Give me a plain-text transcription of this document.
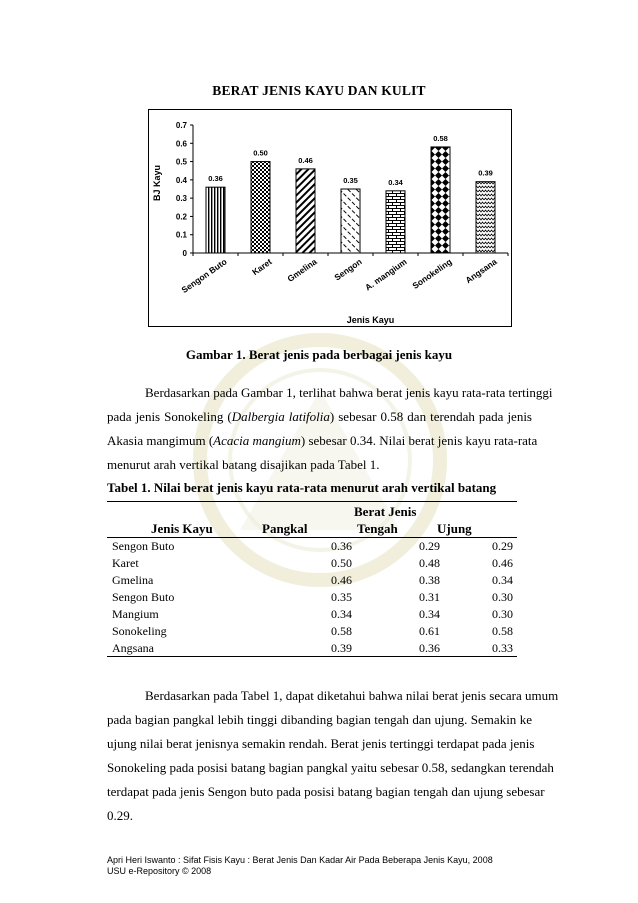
BERAT JENIS KAYU DAN KULIT
0
0.1
0.2
0.3
0.4
0.5
0.6
0.7
0.36
Sengon Buto
0.50
Karet
0.46
Gmelina
0.35
Sengon
0.34
A. mangium
0.58
Sonokeling
0.39
Angsana
Jenis Kayu
BJ Kayu
Gambar 1. Berat jenis pada berbagai jenis kayu
Berdasarkan pada Gambar 1, terlihat bahwa berat jenis kayu rata-rata tertinggi
pada jenis Sonokeling (Dalbergia latifolia) sebesar 0.58 dan terendah pada jenis
Akasia mangimum (Acacia mangium) sebesar 0.34. Nilai berat jenis kayu rata-rata
menurut arah vertikal batang disajikan pada Tabel 1.
Tabel 1. Nilai berat jenis kayu rata-rata menurut arah vertikal batang
Berat Jenis
Jenis Kayu	Pangkal	Tengah	Ujung
Sengon Buto	0.36	0.29	0.29
Karet	0.50	0.48	0.46
Gmelina	0.46	0.38	0.34
Sengon Buto	0.35	0.31	0.30
Mangium	0.34	0.34	0.30
Sonokeling	0.58	0.61	0.58
Angsana	0.39	0.36	0.33
Berdasarkan pada Tabel 1, dapat diketahui bahwa nilai berat jenis secara umum
pada bagian pangkal lebih tinggi dibanding bagian tengah dan ujung. Semakin ke
ujung nilai berat jenisnya semakin rendah. Berat jenis tertinggi terdapat pada jenis
Sonokeling pada posisi batang bagian pangkal yaitu sebesar 0.58, sedangkan terendah
terdapat pada jenis Sengon buto pada posisi batang bagian tengah dan ujung sebesar
0.29.
Apri Heri Iswanto : Sifat Fisis Kayu : Berat Jenis Dan Kadar Air Pada Beberapa Jenis Kayu, 2008
USU e-Repository © 2008
